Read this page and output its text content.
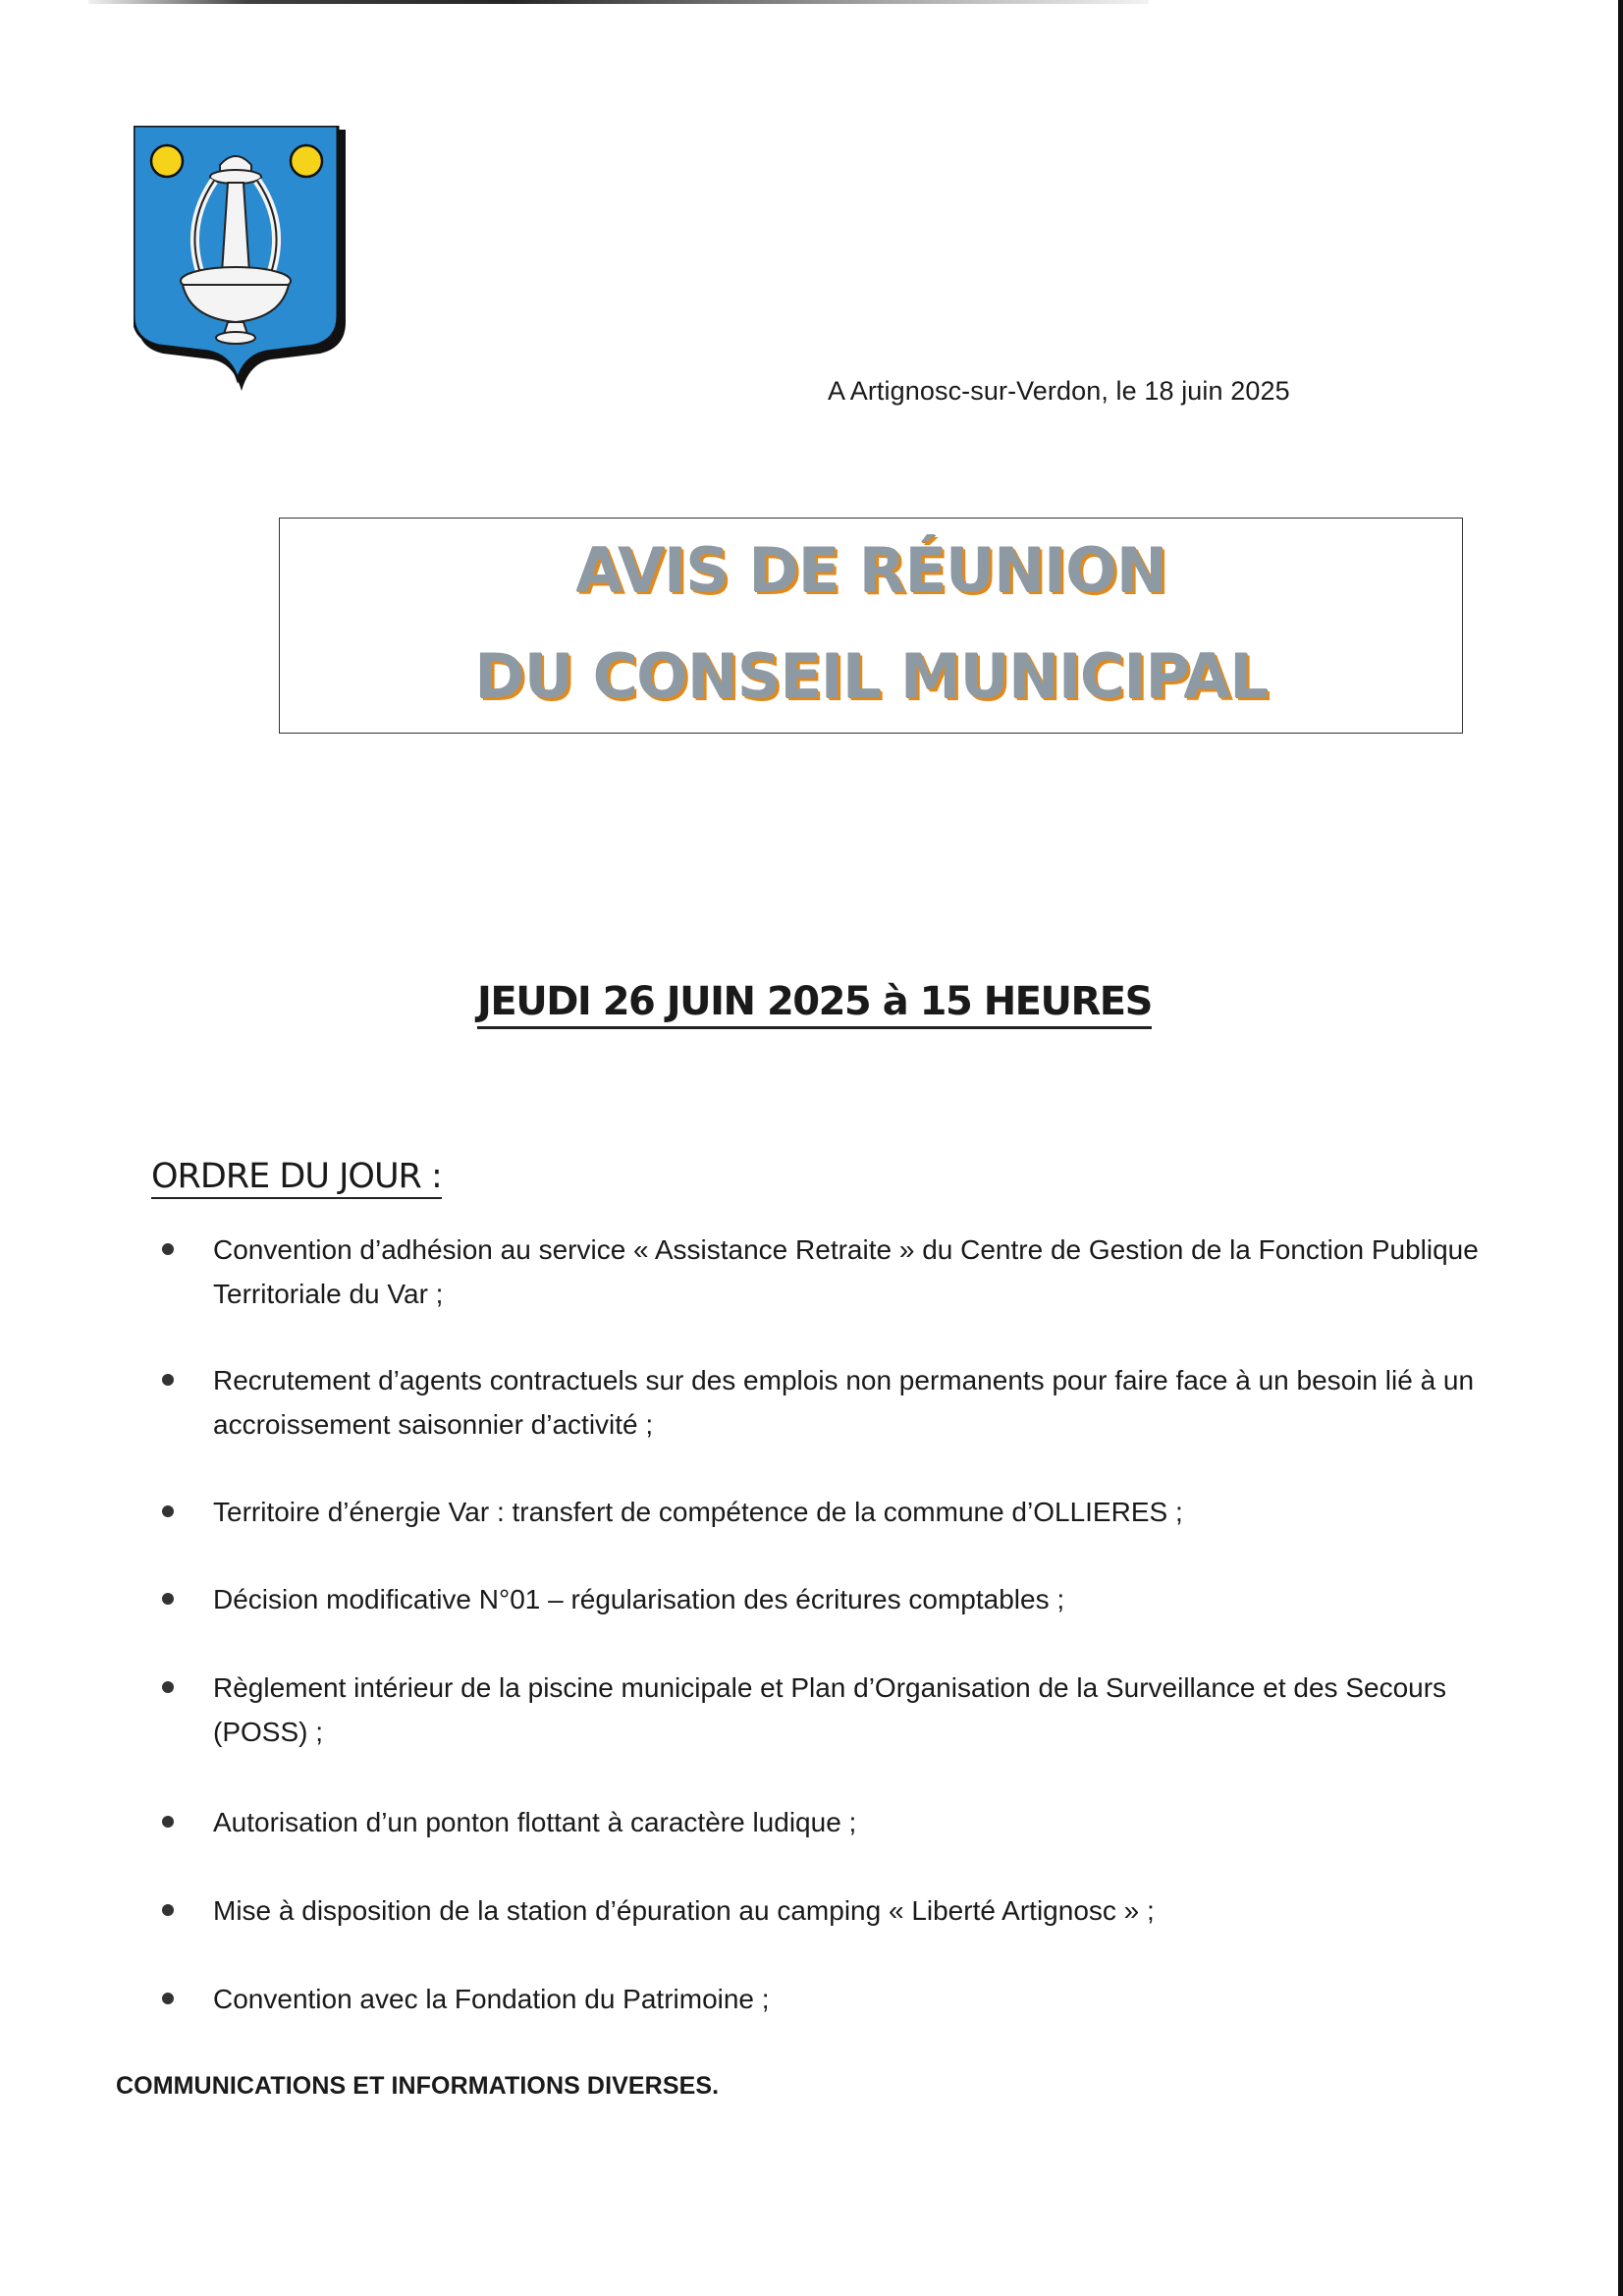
A Artignosc-sur-Verdon, le 18 juin 2025
AVIS DE RÉUNION
DU CONSEIL MUNICIPAL
JEUDI 26 JUIN 2025 à 15 HEURES
ORDRE DU JOUR :
Convention d’adhésion au service « Assistance Retraite » du Centre de Gestion de la Fonction Publique Territoriale du Var ;
Recrutement d’agents contractuels sur des emplois non permanents pour faire face à un besoin lié à un accroissement saisonnier d’activité ;
Territoire d’énergie Var : transfert de compétence de la commune d’OLLIERES ;
Décision modificative N°01 – régularisation des écritures comptables ;
Règlement intérieur de la piscine municipale et Plan d’Organisation de la Surveillance et des Secours (POSS) ;
Autorisation d’un ponton flottant à caractère ludique ;
Mise à disposition de la station d’épuration au camping « Liberté Artignosc » ;
Convention avec la Fondation du Patrimoine ;
COMMUNICATIONS ET INFORMATIONS DIVERSES.
